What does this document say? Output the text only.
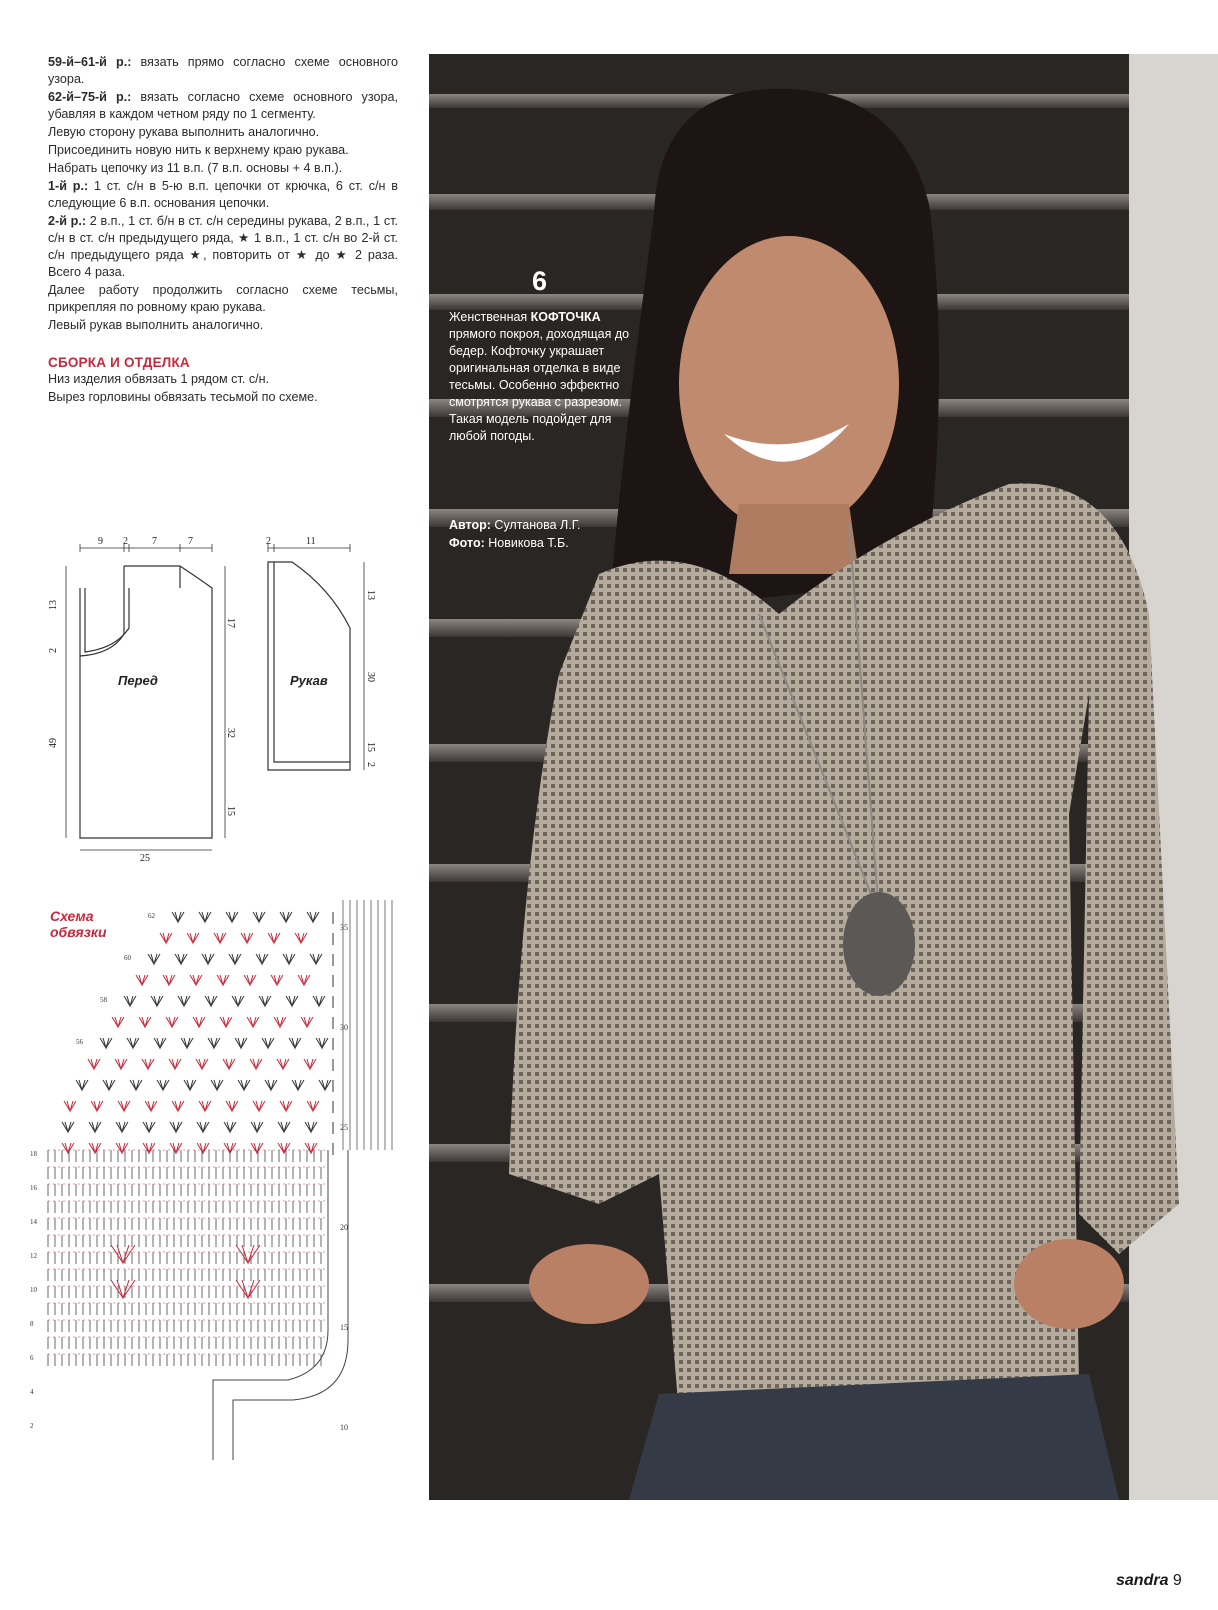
59-й–61-й р.: вязать прямо согласно схеме основного узора.

62-й–75-й р.: вязать согласно схеме основного узора, убавляя в каждом четном ряду по 1 сегменту.

Левую сторону рукава выполнить аналогично.

Присоединить новую нить к верхнему краю рукава.

Набрать цепочку из 11 в.п. (7 в.п. основы + 4 в.п.).

1-й р.: 1 ст. с/н в 5-ю в.п. цепочки от крючка, 6 ст. с/н в следующие 6 в.п. основания цепочки.

2-й р.: 2 в.п., 1 ст. б/н в ст. с/н середины рукава, 2 в.п., 1 ст. с/н в ст. с/н предыдущего ряда, ★ 1 в.п., 1 ст. с/н во 2-й ст. с/н предыдущего ряда ★, повторить от ★ до ★ 2 раза. Всего 4 раза.

Далее работу продолжить согласно схеме тесьмы, прикрепляя по ровному краю рукава.

Левый рукав выполнить аналогично.

СБОРКА И ОТДЕЛКА

Низ изделия обвязать 1 рядом ст. с/н.

Вырез горловины обвязать тесьмой по схеме.

9 2 7	7
13
2
49
17
32
15
25
Перед
2	11
13
30
15
2
Рукав
Схема
обвязки
62
60
58
56
18
16
14
12
10
8
6
4
2
35
30
25
20
15
10
6
Женственная КОФТОЧКА прямого покроя, доходящая до бедер. Кофточку украшает оригинальная отделка в виде тесьмы. Особенно эффектно смотрятся рукава с разрезом. Такая модель подойдет для любой погоды.
Автор: Султанова Л.Г.
Фото: Новикова Т.Б.
sandra 9
